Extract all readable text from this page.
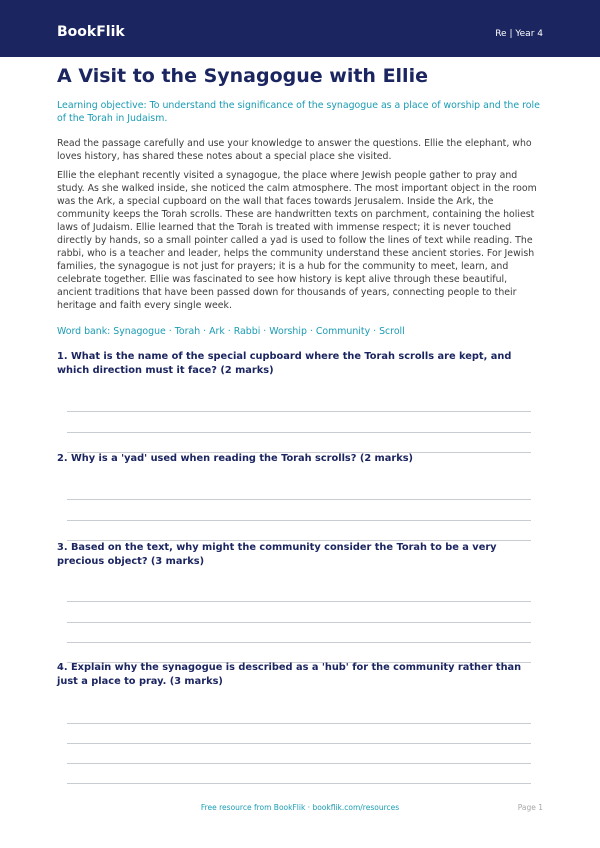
BookFlik	Re | Year 4
A Visit to the Synagogue with Ellie
Learning objective: To understand the significance of the synagogue as a place of worship and the role of the Torah in Judaism.
Read the passage carefully and use your knowledge to answer the questions. Ellie the elephant, who loves history, has shared these notes about a special place she visited.
Ellie the elephant recently visited a synagogue, the place where Jewish people gather to pray and study. As she walked inside, she noticed the calm atmosphere. The most important object in the room was the Ark, a special cupboard on the wall that faces towards Jerusalem. Inside the Ark, the community keeps the Torah scrolls. These are handwritten texts on parchment, containing the holiest laws of Judaism. Ellie learned that the Torah is treated with immense respect; it is never touched directly by hands, so a small pointer called a yad is used to follow the lines of text while reading. The rabbi, who is a teacher and leader, helps the community understand these ancient stories. For Jewish families, the synagogue is not just for prayers; it is a hub for the community to meet, learn, and celebrate together. Ellie was fascinated to see how history is kept alive through these beautiful, ancient traditions that have been passed down for thousands of years, connecting people to their heritage and faith every single week.
Word bank: Synagogue · Torah · Ark · Rabbi · Worship · Community · Scroll
1. What is the name of the special cupboard where the Torah scrolls are kept, and which direction must it face? (2 marks)
2. Why is a 'yad' used when reading the Torah scrolls? (2 marks)
3. Based on the text, why might the community consider the Torah to be a very precious object? (3 marks)
4. Explain why the synagogue is described as a 'hub' for the community rather than just a place to pray. (3 marks)
Free resource from BookFlik · bookflik.com/resources	Page 1
